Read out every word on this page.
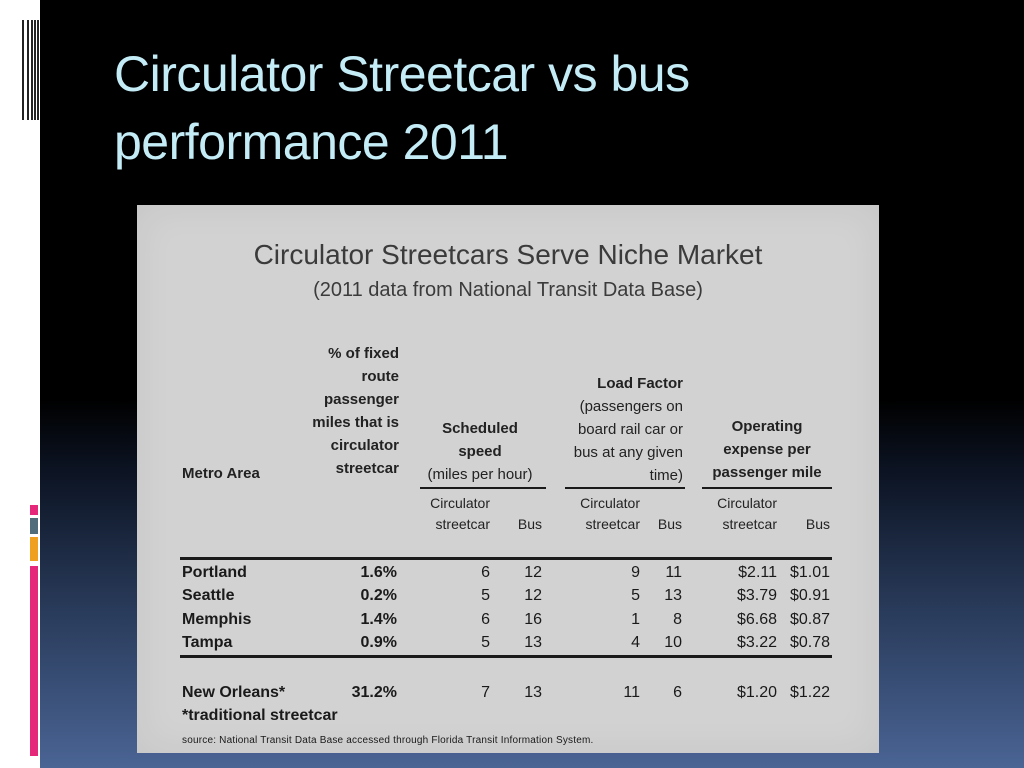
Circulator Streetcar vs bus
performance 2011
Circulator Streetcars Serve Niche Market
(2011 data from National Transit Data Base)
% of fixed
route
passenger
miles that is
circulator
streetcar
Metro Area
Scheduled
speed
(miles per hour)
Load Factor
(passengers on
board rail car or
bus at any given
time)
Operating
expense per
passenger mile
Circulator
streetcar	Bus
Circulator
streetcar	Bus
Circulator
streetcar	Bus
Portland	1.6%	6	12	9	11	$2.11 $1.01
Seattle	0.2%	5	12	5	13	$3.79 $0.91
Memphis	1.4%	6	16	1	8	$6.68 $0.87
Tampa	0.9%	5	13	4	10	$3.22 $0.78
New Orleans*	31.2%	7	13	11	6	$1.20 $1.22
*traditional streetcar
source: National Transit Data Base accessed through Florida Transit Information System.
